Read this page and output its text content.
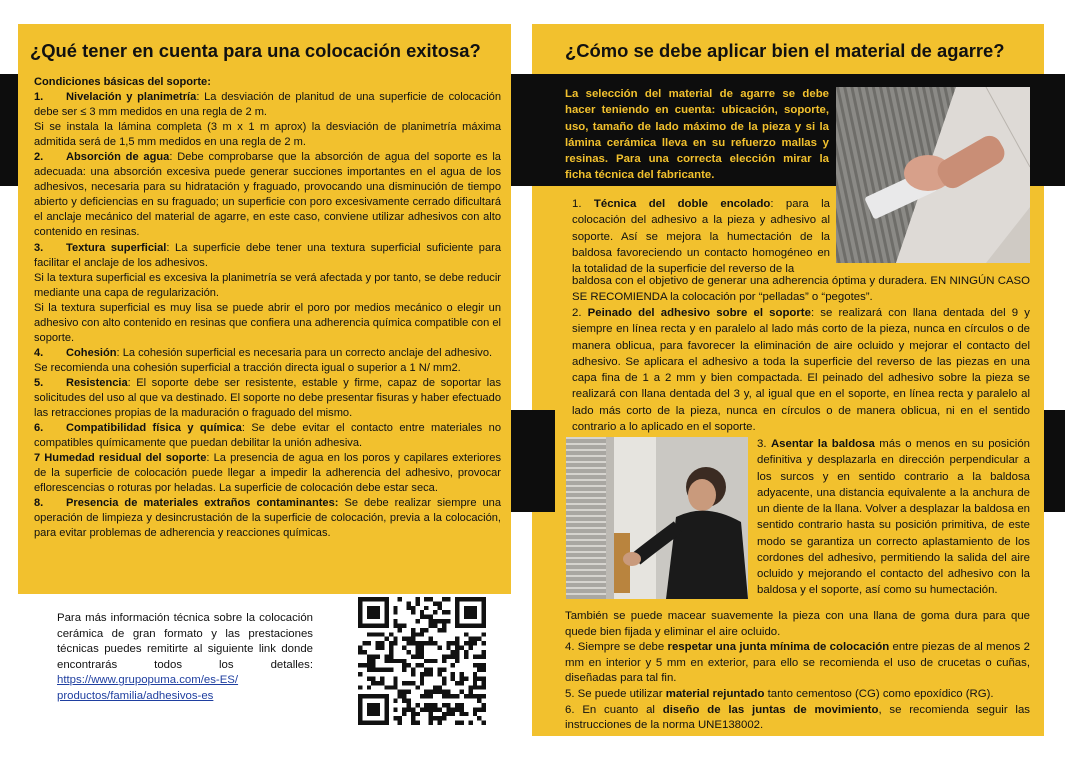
¿Qué tener en cuenta para una colocación exitosa?	¿Cómo se debe aplicar bien el material de agarre?

Condiciones básicas del soporte:

1. Nivelación y planimetría: La desviación de planitud de una superficie de colocación debe ser ≤ 3 mm medidos en una regla de 2 m.

Si se instala la lámina completa (3 m x 1 m aprox) la desviación de planimetría máxima admitida será de 1,5 mm medidos en una regla de 2 m.

2. Absorción de agua: Debe comprobarse que la absorción de agua del soporte es la adecuada: una absorción excesiva puede generar succiones importantes en el agua de los adhesivos, necesaria para su hidratación y fraguado, provocando una disminución de tiempo abierto y deficiencias en su fraguado; un superficie con poro excesivamente cerrado dificultará el anclaje mecánico del material de agarre, en este caso, conviene utilizar adhesivos con alto contenido en resinas.

3. Textura superficial: La superficie debe tener una textura superficial suficiente para facilitar el anclaje de los adhesivos.

Si la textura superficial es excesiva la planimetría se verá afectada y por tanto, se debe reducir mediante una capa de regularización.

Si la textura superficial es muy lisa se puede abrir el poro por medios mecánico o elegir un adhesivo con alto contenido en resinas que confiera una adherencia química compatible con el soporte.

4. Cohesión: La cohesión superficial es necesaria para un correcto anclaje del adhesivo.

Se recomienda una cohesión superficial a tracción directa igual o superior a 1 N/ mm2.

5. Resistencia: El soporte debe ser resistente, estable y firme, capaz de soportar las solicitudes del uso al que va destinado. El soporte no debe presentar fisuras y haber efectuado las retracciones propias de la maduración o fraguado del mismo.

6. Compatibilidad física y química: Se debe evitar el contacto entre materiales no compatibles químicamente que puedan debilitar la unión adhesiva.

7 Humedad residual del soporte: La presencia de agua en los poros y capilares exteriores de la superficie de colocación puede llegar a impedir la adherencia del adhesivo, provocar eflorescencias o roturas por heladas. La superficie de colocación debe estar seca.

8. Presencia de materiales extraños contaminantes: Se debe realizar siempre una operación de limpieza y desincrustación de la superficie de colocación, previa a la colocación, para evitar problemas de adherencia y reacciones químicas.

La selección del material de agarre se debe hacer teniendo en cuenta: ubicación, soporte, uso, tamaño de lado máximo de la pieza y si la lámina cerámica lleva en su refuerzo mallas y resinas. Para una correcta elección mirar la ficha técnica del fabricante.

1. Técnica del doble encolado: para la colocación del adhesivo a la pieza y adhesivo al soporte. Así se mejora la humectación de la baldosa favoreciendo un contacto homogéneo en la totalidad de la superficie del reverso de la

baldosa con el objetivo de generar una adherencia óptima y duradera. EN NINGÚN CASO SE RECOMIENDA la colocación por “pelladas” o “pegotes”.

2. Peinado del adhesivo sobre el soporte: se realizará con llana dentada del 9 y siempre en línea recta y en paralelo al lado más corto de la pieza, nunca en círculos o de manera oblicua, para favorecer la eliminación de aire ocluido y mejorar el contacto del adhesivo. Se aplicara el adhesivo a toda la superficie del reverso de las piezas en una capa fina de 1 a 2 mm y bien compactada. El peinado del adhesivo sobre la pieza se realizará con llana dentada del 3 y, al igual que en el soporte, en línea recta y paralelo al lado más corto de la pieza, nunca en círculos o de manera oblicua, ni en el sentido contrario a lo aplicado en el soporte.

3. Asentar la baldosa más o menos en su posición definitiva y desplazarla en dirección perpendicular a los surcos y en sentido contrario a la baldosa adyacente, una distancia equivalente a la anchura de un diente de la llana. Volver a desplazar la baldosa en sentido contrario hasta su posición primitiva, de este modo se garantiza un correcto aplastamiento de los cordones del adhesivo, permitiendo la salida del aire ocluido y mejorando el contacto del adhesivo con la baldosa y el soporte, así como su humectación.

También se puede macear suavemente la pieza con una llana de goma dura para que quede bien fijada y eliminar el aire ocluido.

4. Siempre se debe respetar una junta mínima de colocación entre piezas de al menos 2 mm en interior y 5 mm en exterior, para ello se recomienda el uso de crucetas o cuñas, diseñadas para tal fin.

5. Se puede utilizar material rejuntado tanto cementoso (CG) como epoxídico (RG).

6. En cuanto al diseño de las juntas de movimiento, se recomienda seguir las instrucciones de la norma UNE138002.

Para más información técnica sobre la colocación cerámica de gran formato y las prestaciones técnicas puedes remitirte al siguiente link donde encontrarás todos los detalles: https://www.grupopuma.com/es-ES/ productos/familia/adhesivos-es
